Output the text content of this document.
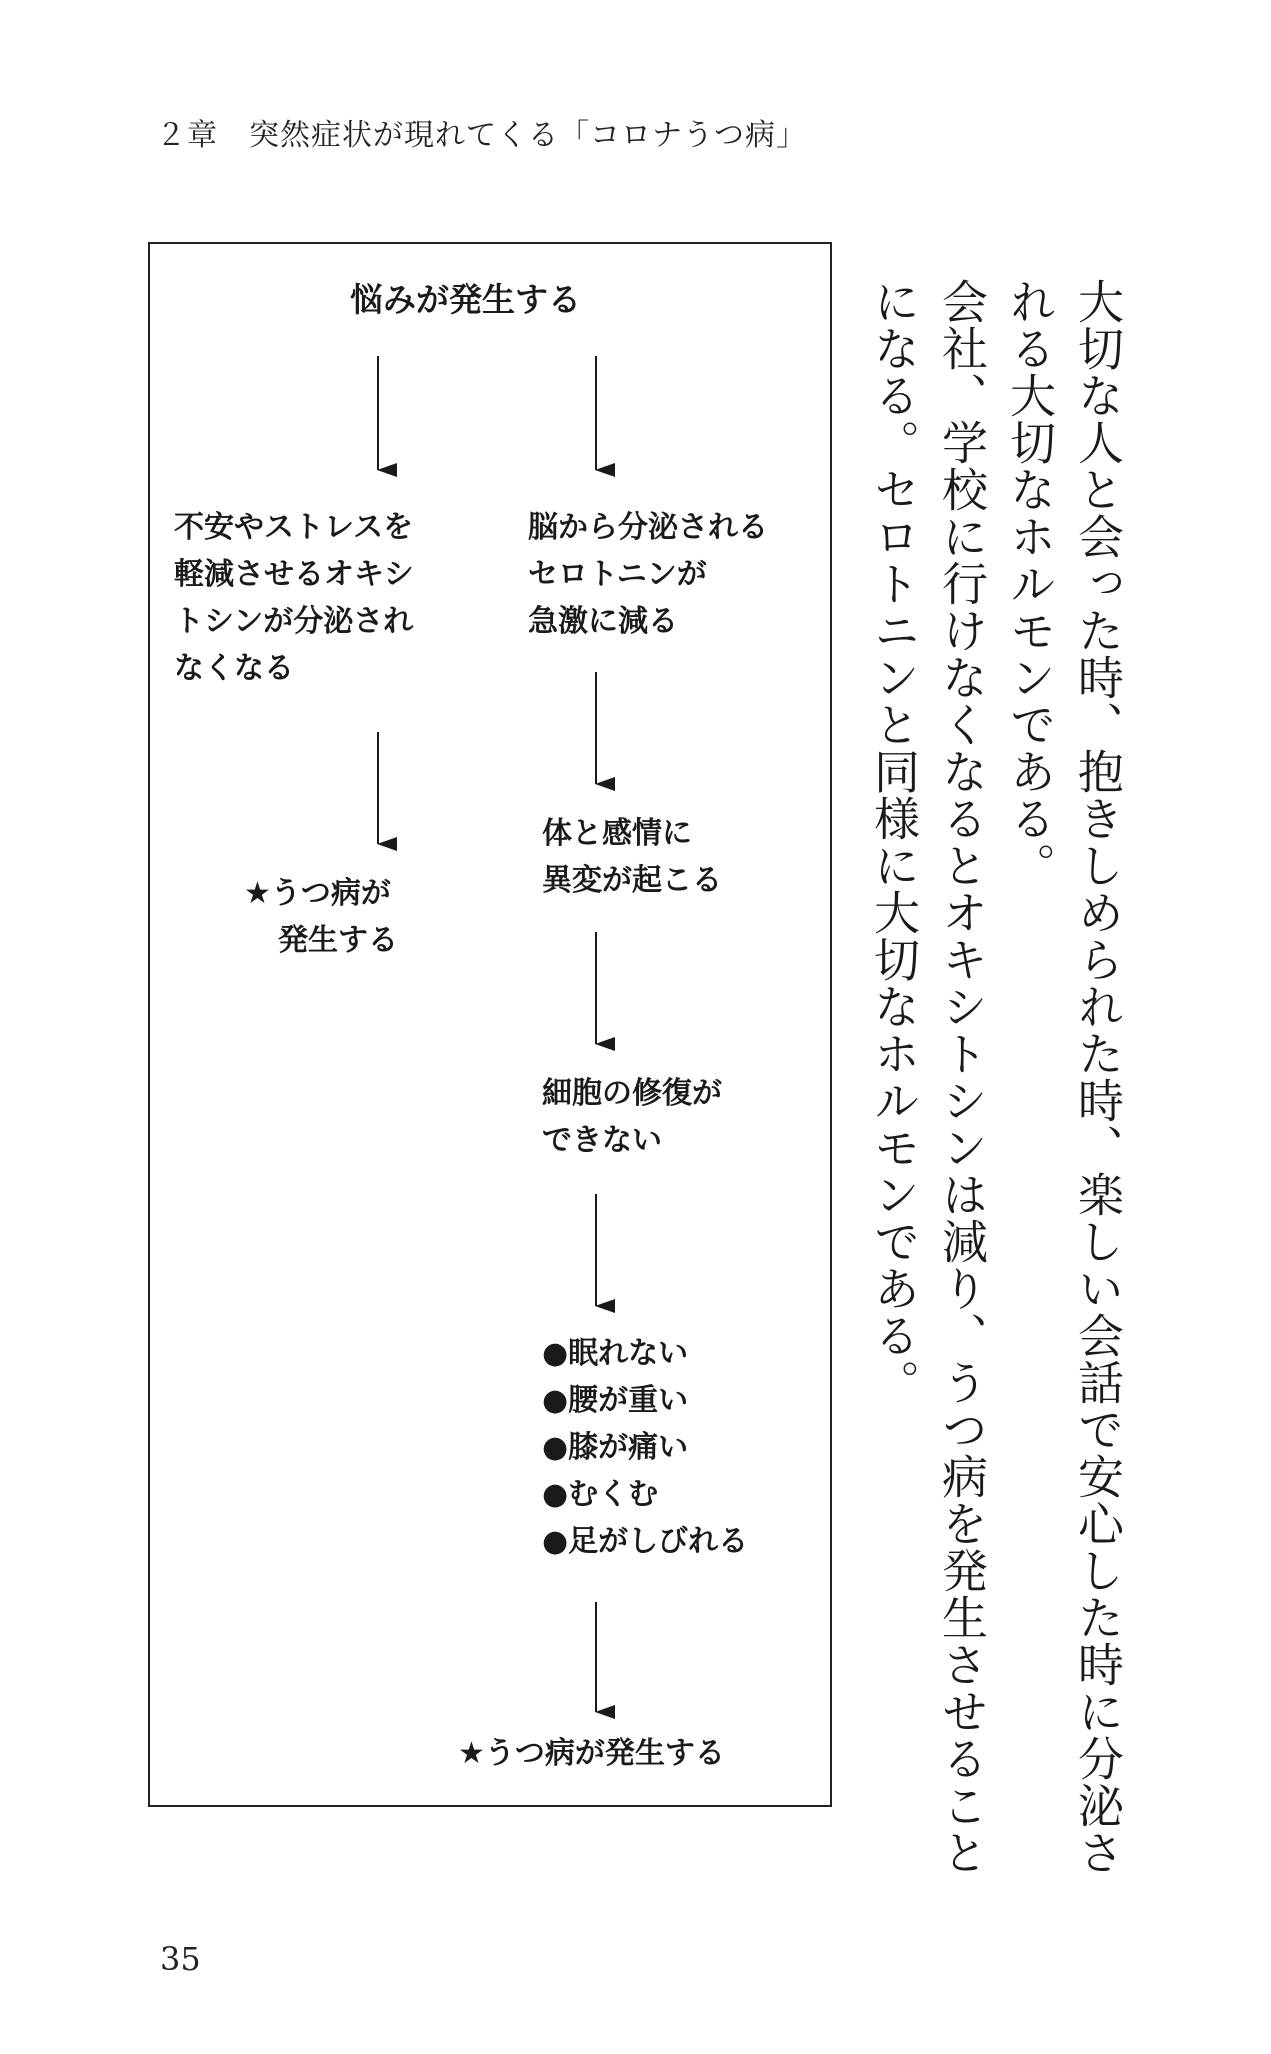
２章　突然症状が現れてくる「コロナうつ病」
悩みが発生する
不安やストレスを
軽減させるオキシ
トシンが分泌され
なくなる
★うつ病が
発生する
脳から分泌される
セロトニンが
急激に減る
体と感情に
異変が起こる
細胞の修復が
できない
●眠れない
●腰が重い
●膝が痛い
●むくむ
●足がしびれる
★うつ病が発生する	大切な人と会った時、抱きしめられた時、楽しい会話で安心した時に分泌さ
れる大切なホルモンである。
会社、学校に行けなくなるとオキシトシンは減り、うつ病を発生させること
になる。セロトニンと同様に大切なホルモンである。
35
